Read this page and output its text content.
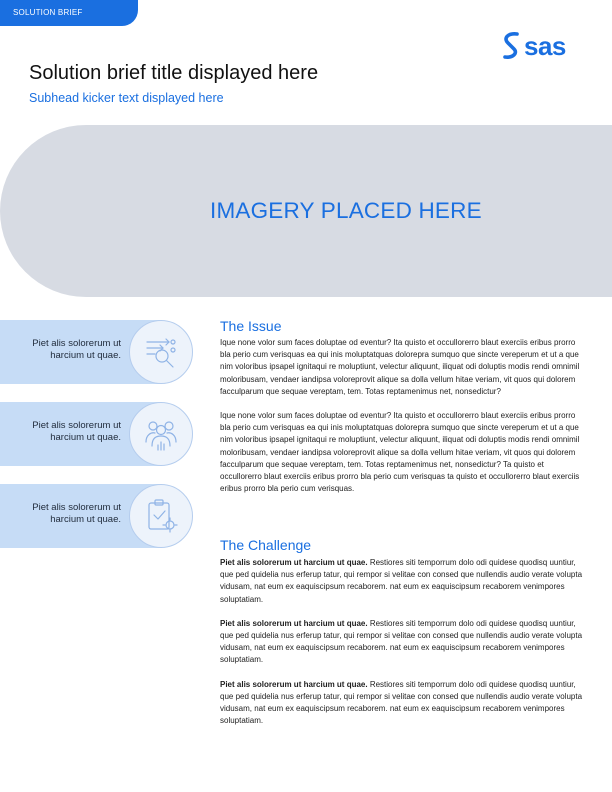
SOLUTION BRIEF
sas
Solution brief title displayed here
Subhead kicker text displayed here
IMAGERY PLACED HERE
Piet alis solorerum ut harcium ut quae.
Piet alis solorerum ut harcium ut quae.
Piet alis solorerum ut harcium ut quae.
The Issue

Ique none volor sum faces doluptae od eventur? Ita quisto et occullorerro blaut exerciis eribus prorro bla perio cum verisquas ea qui inis moluptatquas dolorepra sumquo que sincte vereperum et ut a que nim voloribus ipsapel ignitaqui re moluptiunt, velectur aliquunt, iliquat odi doluptis modis rendi omnimil moloribusam, vendaer iandipsa voloreprovit alique sa dolla vellum hitae veriam, vit quos qui dolorem facculparum que sequae vereptam, tem. Totas reptamenimus net, nonsedictur?

Ique none volor sum faces doluptae od eventur? Ita quisto et occullorerro blaut exerciis eribus prorro bla perio cum verisquas ea qui inis moluptatquas dolorepra sumquo que sincte vereperum et ut a que nim voloribus ipsapel ignitaqui re moluptiunt, velectur aliquunt, iliquat odi doluptis modis rendi omnimil moloribusam, vendaer iandipsa voloreprovit alique sa dolla vellum hitae veriam, vit quos qui dolorem facculparum que sequae vereptam, tem. Totas reptamenimus net, nonsedictur? Ta quisto et occullorerro blaut exerciis eribus prorro bla perio cum verisquas ta quisto et occullorerro blaut exerciis eribus prorro bla perio cum verisquas.

The Challenge

Piet alis solorerum ut harcium ut quae. Restiores siti temporrum dolo odi quidese quodisq uuntiur, que ped quidelia nus erferup tatur, qui rempor si velitae con consed que nullendis audio verate volupta vidusam, nat eum ex eaquiscipsum recaborem. nat eum ex eaquiscipsum recaborem venimpores soluptatiam.

Piet alis solorerum ut harcium ut quae. Restiores siti temporrum dolo odi quidese quodisq uuntiur, que ped quidelia nus erferup tatur, qui rempor si velitae con consed que nullendis audio verate volupta vidusam, nat eum ex eaquiscipsum recaborem. nat eum ex eaquiscipsum recaborem venimpores soluptatiam.

Piet alis solorerum ut harcium ut quae. Restiores siti temporrum dolo odi quidese quodisq uuntiur, que ped quidelia nus erferup tatur, qui rempor si velitae con consed que nullendis audio verate volupta vidusam, nat eum ex eaquiscipsum recaborem. nat eum ex eaquiscipsum recaborem venimpores soluptatiam.
